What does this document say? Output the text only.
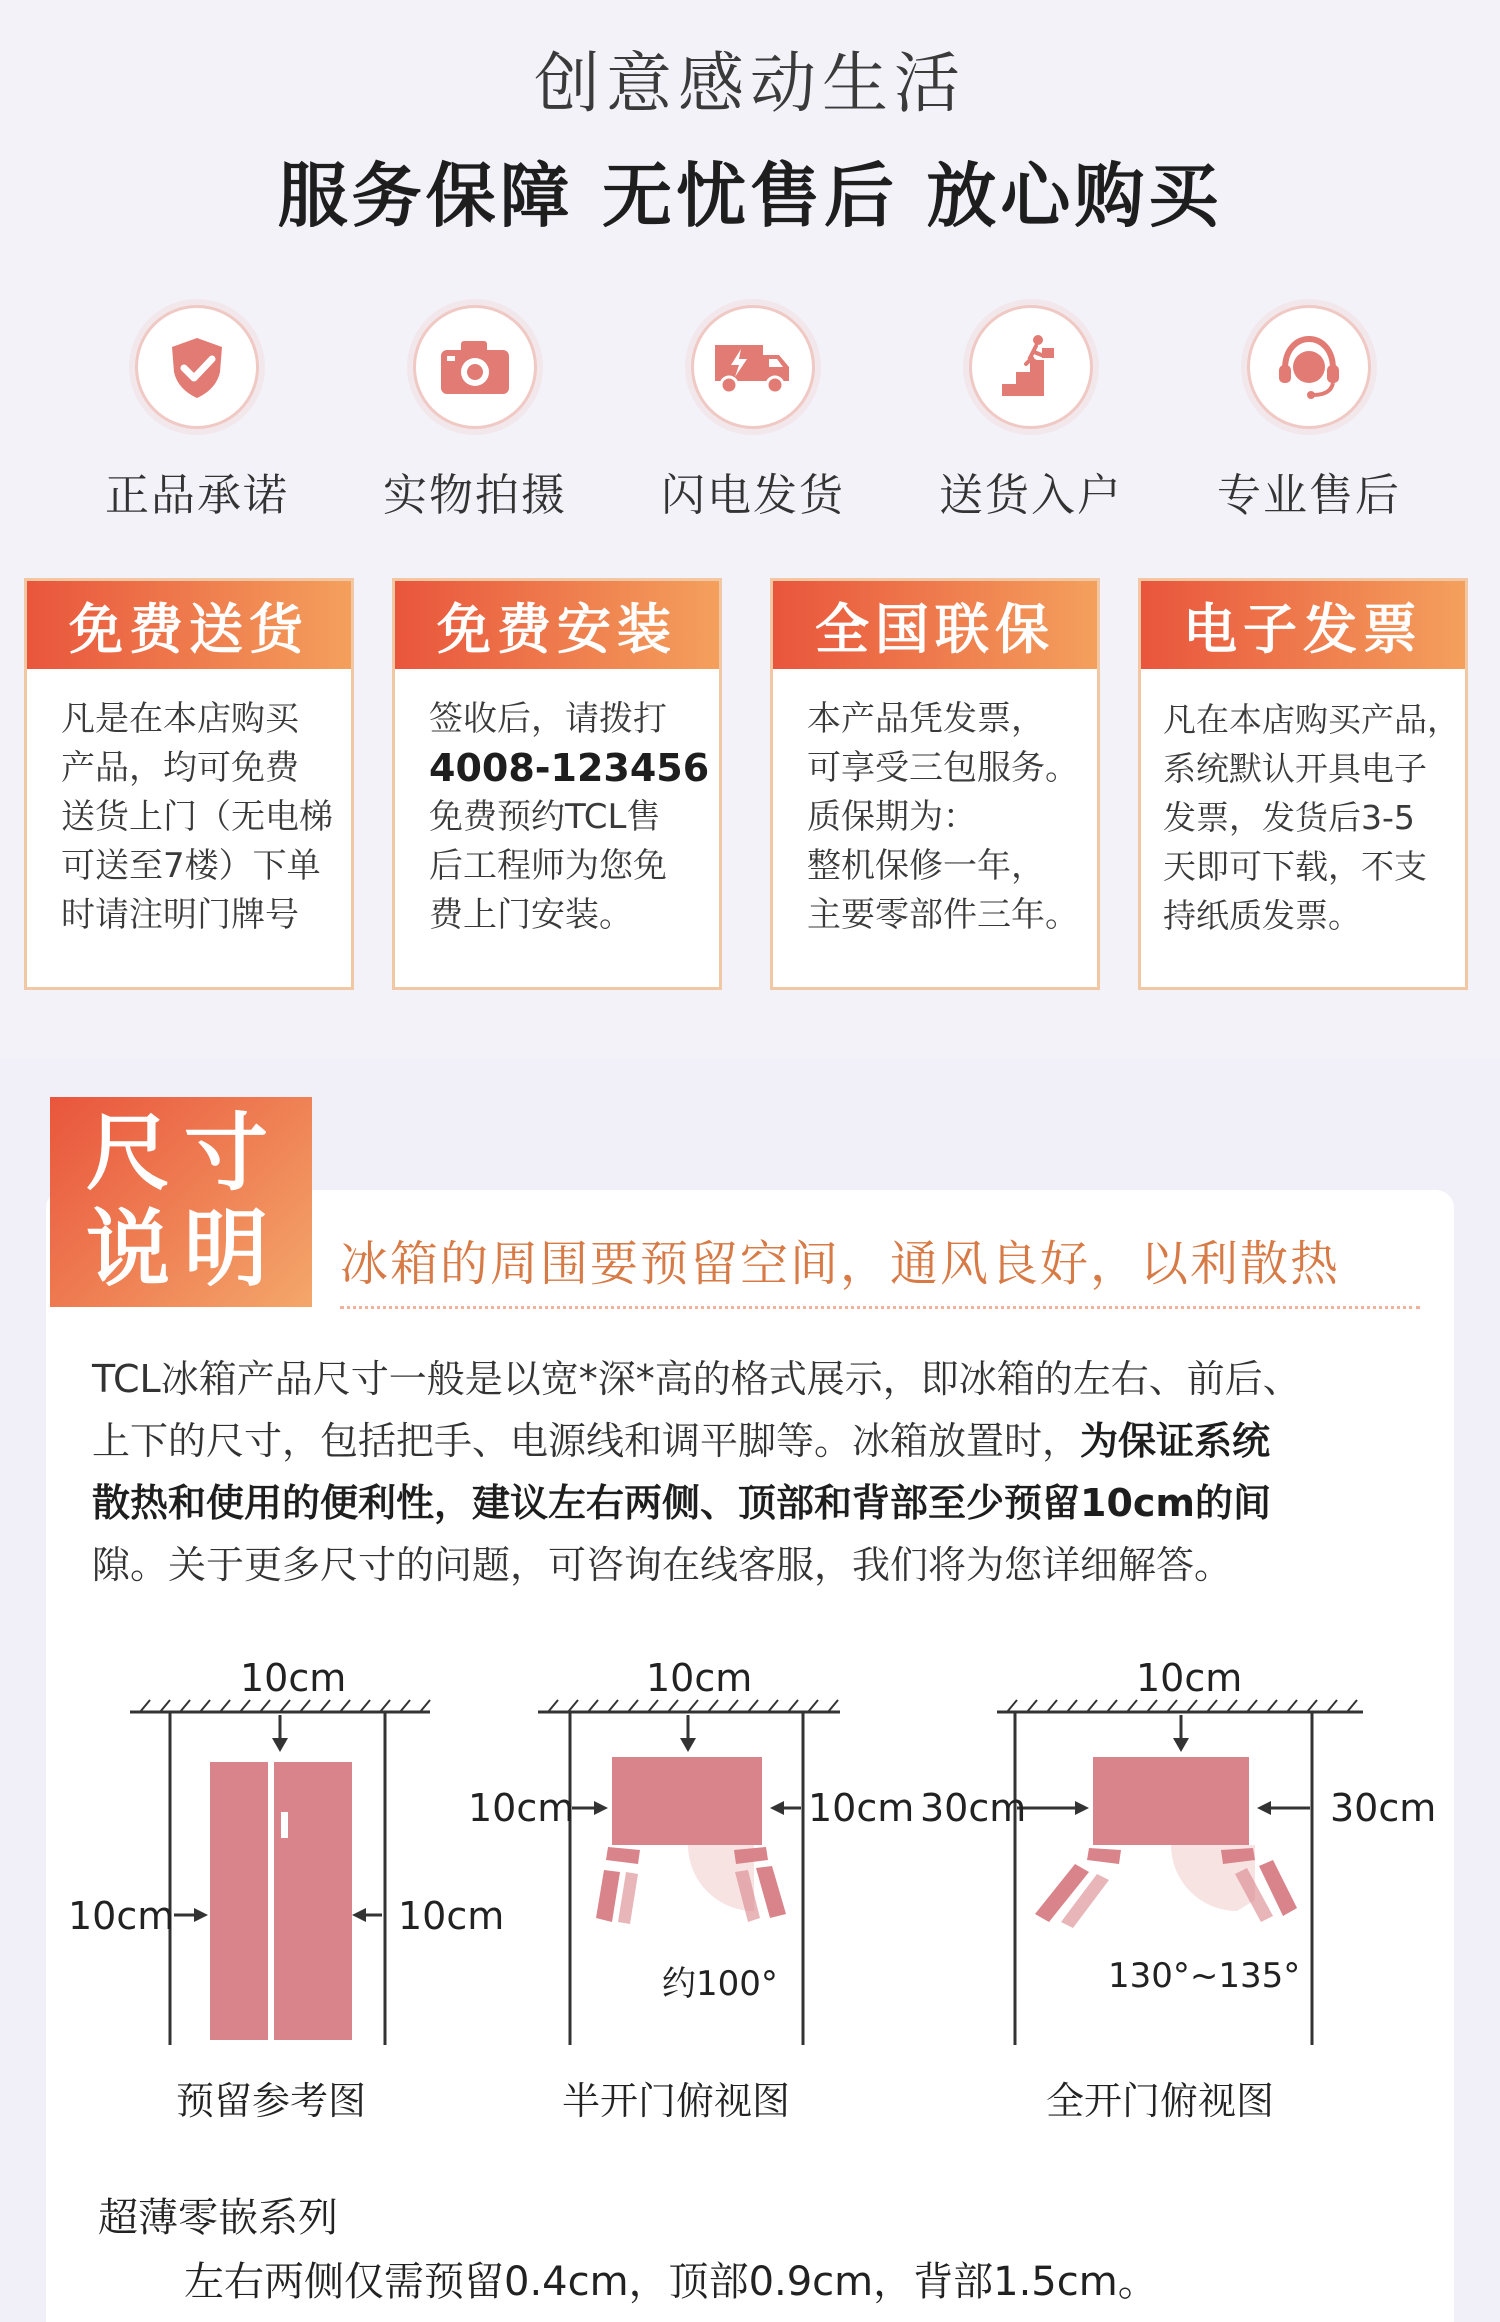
创意感动生活
服务保障 无忧售后 放心购买
正品承诺	实物拍摄	闪电发货	送货入户	专业售后
免费送货
凡是在本店购买
产品，均可免费
送货上门（无电梯
可送至7楼）下单
时请注明门牌号
免费安装
签收后，请拨打
4008-123456
免费预约TCL售
后工程师为您免
费上门安装。
全国联保
本产品凭发票，
可享受三包服务。
质保期为：
整机保修一年，
主要零部件三年。
电子发票
凡在本店购买产品，
系统默认开具电子
发票，发货后3-5
天即可下载，不支
持纸质发票。
尺寸
说明	冰箱的周围要预留空间，通风良好，以利散热
TCL冰箱产品尺寸一般是以宽*深*高的格式展示，即冰箱的左右、前后、
上下的尺寸，包括把手、电源线和调平脚等。冰箱放置时，为保证系统
散热和使用的便利性，建议左右两侧、顶部和背部至少预留10cm的间
隙。关于更多尺寸的问题，可咨询在线客服，我们将为您详细解答。
10cm
10cm	10cm
预留参考图
10cm
10cm	10cm
约100°
半开门俯视图
10cm
30cm	30cm
130°~135°
全开门俯视图
超薄零嵌系列
左右两侧仅需预留0.4cm，顶部0.9cm，背部1.5cm。
